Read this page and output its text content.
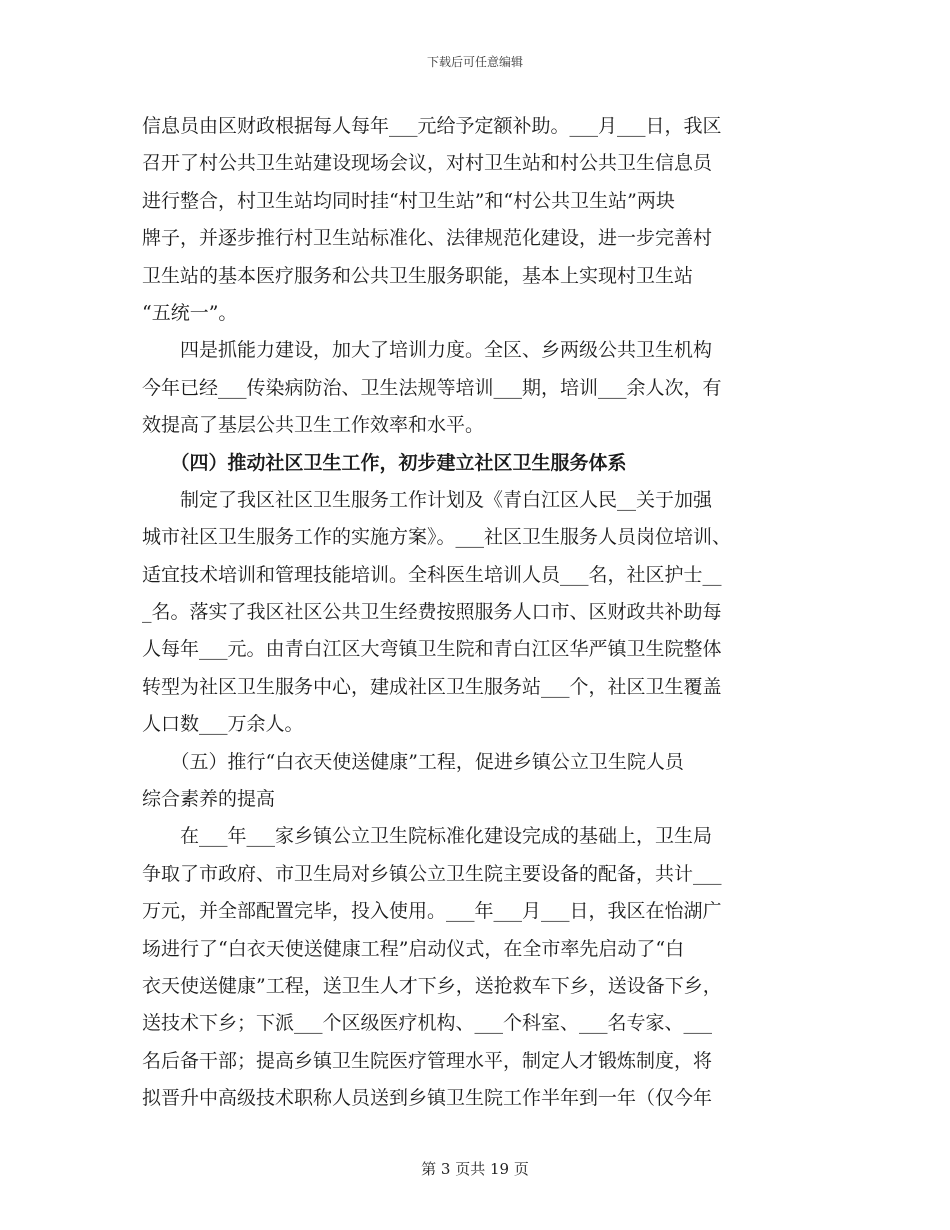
下载后可任意编辑
信息员由区财政根据每人每年___元给予定额补助。___月___日，我区
召开了村公共卫生站建设现场会议，对村卫生站和村公共卫生信息员
进行整合，村卫生站均同时挂“村卫生站”和“村公共卫生站”两块
牌子，并逐步推行村卫生站标准化、法律规范化建设，进一步完善村
卫生站的基本医疗服务和公共卫生服务职能，基本上实现村卫生站
“五统一”。
　　四是抓能力建设，加大了培训力度。全区、乡两级公共卫生机构
今年已经___传染病防治、卫生法规等培训___期，培训___余人次，有
效提高了基层公共卫生工作效率和水平。
　　（四）推动社区卫生工作，初步建立社区卫生服务体系
　　制定了我区社区卫生服务工作计划及《青白江区人民__关于加强
城市社区卫生服务工作的实施方案》。___社区卫生服务人员岗位培训、
适宜技术培训和管理技能培训。全科医生培训人员___名，社区护士__
_名。落实了我区社区公共卫生经费按照服务人口市、区财政共补助每
人每年___元。由青白江区大弯镇卫生院和青白江区华严镇卫生院整体
转型为社区卫生服务中心，建成社区卫生服务站___个，社区卫生覆盖
人口数___万余人。
　　（五）推行“白衣天使送健康”工程，促进乡镇公立卫生院人员
综合素养的提高
　　在___年___家乡镇公立卫生院标准化建设完成的基础上，卫生局
争取了市政府、市卫生局对乡镇公立卫生院主要设备的配备，共计___
万元，并全部配置完毕，投入使用。___年___月___日，我区在怡湖广
场进行了“白衣天使送健康工程”启动仪式，在全市率先启动了“白
衣天使送健康”工程，送卫生人才下乡，送抢救车下乡，送设备下乡，
送技术下乡；下派___个区级医疗机构、___个科室、___名专家、___
名后备干部；提高乡镇卫生院医疗管理水平，制定人才锻炼制度，将
拟晋升中高级技术职称人员送到乡镇卫生院工作半年到一年（仅今年
第 3 页共 19 页
